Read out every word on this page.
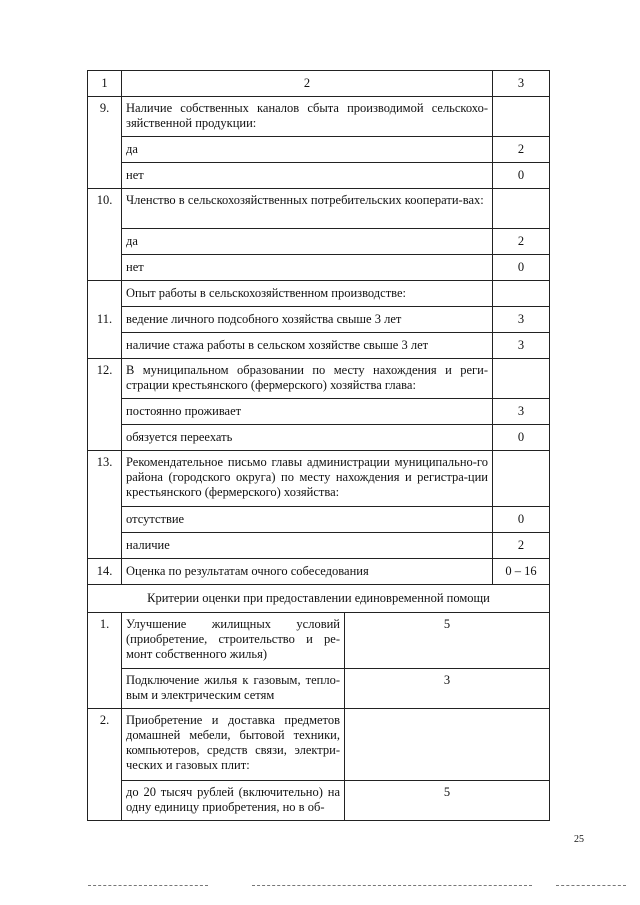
1	2		3
9.	Наличие собственных каналов сбыта производимой сельскохо-зяйственной продукции:		
	да		2
	нет		0
10.	Членство в сельскохозяйственных потребительских кооперати-вах:		
	да		2
	нет		0
11.	Опыт работы в сельскохозяйственном производстве:		
	ведение личного подсобного хозяйства свыше 3 лет		3
	наличие стажа работы в сельском хозяйстве свыше 3 лет		3
12.	В муниципальном образовании по месту нахождения и реги-страции крестьянского (фермерского) хозяйства глава:		
	постоянно проживает		3
	обязуется переехать		0
13.	Рекомендательное письмо главы администрации муниципально-го района (городского округа) по месту нахождения и регистра-ции крестьянского (фермерского) хозяйства:		
	отсутствие		0
	наличие		2
14.	Оценка по результатам очного собеседования		0 – 16
Критерии оценки при предоставлении единовременной помощи			
1.	Улучшение жилищных условий (приобретение, строительство и ре-монт собственного жилья)	5	
	Подключение жилья к газовым, тепло-вым и электрическим сетям	3	
2.	Приобретение и доставка предметов домашней мебели, бытовой техники, компьютеров, средств связи, электри-ческих и газовых плит:		
	до 20 тысяч рублей (включительно) на одну единицу приобретения, но в об-	5	
25
